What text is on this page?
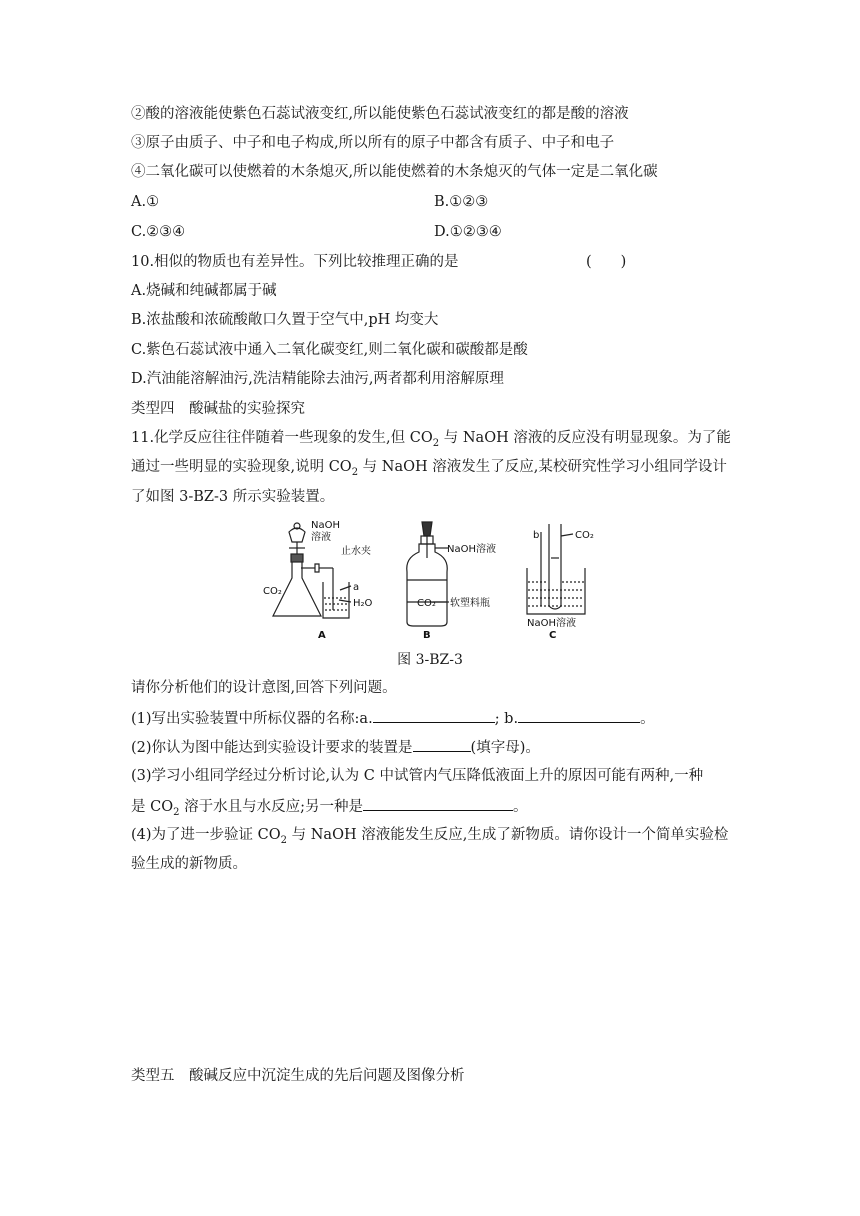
②酸的溶液能使紫色石蕊试液变红,所以能使紫色石蕊试液变红的都是酸的溶液
③原子由质子、中子和电子构成,所以所有的原子中都含有质子、中子和电子
④二氧化碳可以使燃着的木条熄灭,所以能使燃着的木条熄灭的气体一定是二氧化碳
A.①	B.①②③
C.②③④	D.①②③④
10.相似的物质也有差异性。下列比较推理正确的是	(　　)
A.烧碱和纯碱都属于碱
B.浓盐酸和浓硫酸敞口久置于空气中,pH 均变大
C.紫色石蕊试液中通入二氧化碳变红,则二氧化碳和碳酸都是酸
D.汽油能溶解油污,洗洁精能除去油污,两者都利用溶解原理
类型四　酸碱盐的实验探究
11.化学反应往往伴随着一些现象的发生,但 $CO_2$ 与 NaOH 溶液的反应没有明显现象。为了能
通过一些明显的实验现象,说明 $CO_2$ 与 NaOH 溶液发生了反应,某校研究性学习小组同学设计
了如图 3-BZ-3 所示实验装置。
NaOH
溶液
止水夹
CO₂	a
H₂O
A
NaOH溶液
CO₂ 软塑料瓶
B
b	CO₂
NaOH溶液
C
图 3-BZ-3
请你分析他们的设计意图,回答下列问题。
(1)写出实验装置中所标仪器的名称:a.	; b.	。
(2)你认为图中能达到实验设计要求的装置是	(填字母)。
(3)学习小组同学经过分析讨论,认为 C 中试管内气压降低液面上升的原因可能有两种,一种
是 $CO_2$ 溶于水且与水反应;另一种是	。
(4)为了进一步验证 $CO_2$ 与 NaOH 溶液能发生反应,生成了新物质。请你设计一个简单实验检
验生成的新物质。
类型五　酸碱反应中沉淀生成的先后问题及图像分析
